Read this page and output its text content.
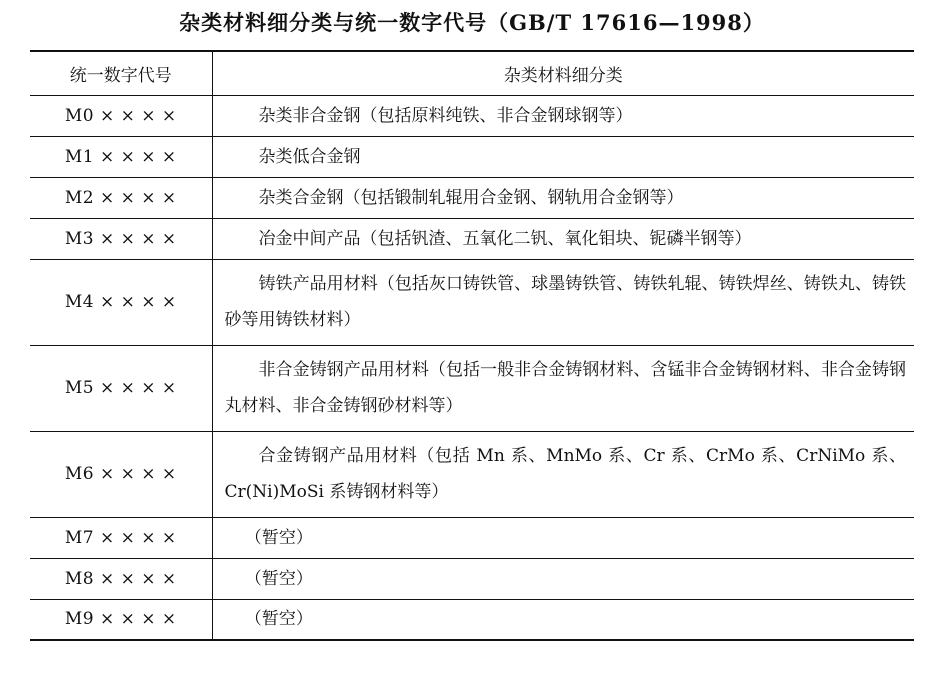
杂类材料细分类与统一数字代号（GB/T 17616—1998）
统一数字代号	杂类材料细分类
M0 × × × ×	杂类非合金钢（包括原料纯铁、非合金钢球钢等）

M1 × × × ×	杂类低合金钢

M2 × × × ×	杂类合金钢（包括锻制轧辊用合金钢、钢轨用合金钢等）

M3 × × × ×	冶金中间产品（包括钒渣、五氧化二钒、氧化钼块、铌磷半钢等）

M4 × × × ×	铸铁产品用材料（包括灰口铸铁管、球墨铸铁管、铸铁轧辊、铸铁焊丝、铸铁丸、铸铁砂等用铸铁材料）

M5 × × × ×	非合金铸钢产品用材料（包括一般非合金铸钢材料、含锰非合金铸钢材料、非合金铸钢丸材料、非合金铸钢砂材料等）

M6 × × × ×	合金铸钢产品用材料（包括 Mn 系、MnMo 系、Cr 系、CrMo 系、CrNiMo 系、Cr(Ni)MoSi 系铸钢材料等）

M7 × × × ×	（暂空）

M8 × × × ×	（暂空）

M9 × × × ×	（暂空）
